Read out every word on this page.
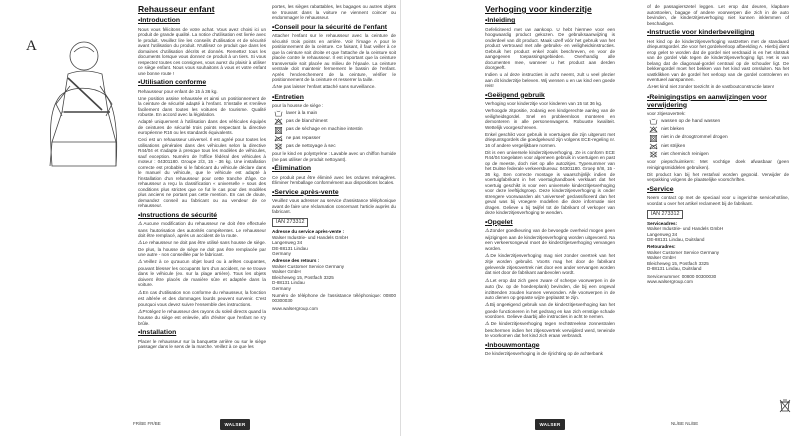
A
Rehausseur enfant
• Introduction

Nous vous félicitons de votre achat. Vous avez choisi ici un produit de grande qualité. La notice d'utilisation est livrée avec le produit. Veuillez lire les conseils d'utilisation et de sécurité avant l'utilisation du produit. N'utilisez ce produit que dans les domaines d'utilisation décrits et donnés. Remettez tous les documents lorsque vous donnez ce produit à un tiers. Si vous respectez toutes ces consignes, vous aurez du plaisir à utiliser ce siège enfant. Nous vous souhaitons à vous et votre enfant une bonne route !

• Utilisation conforme

Rehausseur pour enfant de 15 à 36 kg.

Une position assise rehaussée et ainsi un positionnement de la ceinture de sécurité adapté à l'enfant. S'installe et s'enlève facilement dans toutes les voitures de tourisme. Qualité robuste. En accord avec la législation.

Adapté uniquement à l'utilisation dans des véhicules équipés de ceintures de sécurité trois points respectant la directive européenne R16 ou les standards équivalents.

Ceci est un rehausseur universel. Il est agréé pour toutes les utilisations générales dans des véhicules selon la directive R44/04 et s'adapte à presque tous les modèles de véhicules, sauf exception. Numéro de l'office fédéral des véhicules à moteur : 04301180. Groupe 2/3, 15 - 36 kg. Une installation correcte est probable si le fabricant du véhicule déclare dans le manuel du véhicule, que le véhicule est adapté à l'installation d'un rehausseur pour cette tranche d'âge. Ce rehausseur a reçu la classification « universelle » sous des conditions plus strictes que ce fut le cas pour des modèles plus anciens ne portant pas cette mention. En cas de doute, demandez conseil au fabricant ou au vendeur de ce rehausseur.

• Instructions de sécurité

⚠ Aucune modification du rehausseur ne doit être effectuée sans l'autorisation des autorités compétentes. Le rehausseur doit être remplacé, après un accident de la route.

⚠ Le rehausseur ne doit pas être utilisé sans housse de siège. De plus, la housse de siège ne doit pas être remplacée par une autre - non conseillée par le fabricant.

⚠ Veillez à ce qu'aucun objet lourd ou à arêtes coupantes, pouvant blesser les occupants lors d'un accident, ne se trouve dans le véhicule (ex. sur la plage arrière). Tous les objets doivent être placés de manière sûre et adaptée dans la voiture.

⚠ En cas d'utilisation non conforme du rehausseur, la fonction est altérée et des dommages lourds peuvent survenir. C'est pourquoi vous devez suivre l'ensemble des instructions.

⚠ Protégez le rehausseur des rayons du soleil directs quand la housse du siège est enlevée, afin d'éviter que l'enfant ne s'y brûle.

• Installation

Placer le rehausseur sur la banquette arrière ou sur le siège passager dans le sens de la marche. Veillez à ce que les

portes, les sièges rabattables, les bagages ou autres objets se trouvant dans la voiture ne viennent coincer ou endommager le rehausseur.

• Conseil pour la sécurité de l'enfant

Attacher l'enfant sur le rehausseur avec la ceinture de sécurité trois points en arrière. Voir l'image A pour le positionnement de la ceinture. Ce faisant, il faut veiller à ce que la ceinture soit droite et que l'attache de la ceinture soit placée contre le rehausseur. Il est important que la ceinture transversale soit placée au milieu de l'épaule. La ceinture ventrale doit maintenir fermement le bassin de l'enfant. Après l'enclenchement de la ceinture, vérifier le positionnement de la ceinture et resserrer la taille.

⚠ Ne pas laisser l'enfant attaché sans surveillance.

• Entretien

pour la housse de siège :

laver à la main
pas de blanchiment
pas de séchage en machine intestin
ne pas repasser
pas de nettoyage à sec

pour le kind en polystyrène : Lavable avec un chiffon humide (ne pas utiliser de produit nettoyant).

• Élimination

Ce produit peut être éliminé avec les ordures ménagères. Éliminer l'emballage conformément aux dispositions locales.

• Service après-vente

Veuillez vous adresser au service d'assistance téléphonique avant de faire une réclamation concernant l'article auprès du fabricant.

IAN 273312

Adresse du service après-vente :

Walser Industrie- und Handels GmbH

Langenweg 34

DE-88131 Lindau

Germany

Adresse des retours :

Walser Customer Service Germany

Walser GmbH

Bleicheweg 15, Postfach 3325

D-88131 Lindau

Germany

Numéro de téléphone de l'assistance téléphonique: 00800 00300030

www.walsergroup.com

FR/BE FR/BE	WALSER
Verhoging voor kinderzitje
• Inleiding

Gefeliciteerd met uw aankoop. U hebt hiermee voor een hoogwaardig product gekozen. De gebruiksaanwijzing is onderdeel van dit product. Maak uzelf vóór het gebruik van het product vertrouwd met alle gebruiks- en veiligheidsinstructies. Gebruik het product enkel zoals beschreven, en voor de aangegeven toepassingsgebieden. Overhandig alle documenten mee, wanneer u het product aan derden doorgeeft.

Indien u al deze instructies in acht neemt, zult u veel plezier aan dit kinderzitje beleven. Wij wensen u en uw kind een goede reis!

• Geëigend gebruik

Verhoging voor kinderzitje voor kinderen van 15 tot 36 kg.

Verhoogde zitpositie, zodanig een kindgerechte aanleg van de veiligheidsgordel. Snel en probleemloos monteren en demonteren in alle personenwagens. Robuuste kwaliteit. Wettelijk voorgeschreven.

Enkel geschikt voor gebruik in voertuigen die zijn uitgerust met driepuntsgordels die goedgekeurd zijn volgens ECE-regeling nr. 16 of andere vergelijkbare normen.

Dit is een universele kinderzitjesverhoging. Ze is conform ECE R44/04 toegelaten voor algemeen gebruik in voertuigen en past op de meeste, doch niet op alle autozitjes. Typenummer van het Duitse federale verkeersbureau: 04301180. Groep II/III, 15 - 36 kg. Een correcte montage is waarschijnlijk indien de voertuigfabrikant in het voertuighandboek verklaart dat het voertuig geschikt is voor een universele kinderzitjesverhoging voor deze leeftijdsgroep. Deze kinderzitjesverhoging is onder strengere voorwaarden als 'universeel' geclassificeerd dan het geval was bij vroegere modellen die deze informatie niet dragen. Gelieve u bij twijfel tot de fabrikant of verkoper van deze kinderzitjesverhoging te wenden.

• Opgelet

⚠ Zonder goedkeuring van de bevoegde overheid mogen geen wijzigingen aan de kinderzitjesverhoging worden uitgevoerd. Na een verkeersongeval moet de kinderzitjesverhoging vervangen worden.

⚠ De kinderzitjesverhoging mag niet zonder overtrek van het zitje worden gebruikt. Voorts mag het door de fabrikant geleverde zitjesovertrek niet door een ander vervangen worden dat niet door de fabrikant aanbevolen wordt.

⚠ Let erop dat zich geen zware of scherpe voorwerpen in de auto (bv. op de hoedenplank) bevinden, die bij een ongeval inzittenden zouden kunnen verwonden. Alle voorwerpen in de auto dienen op gepaste wijze geplaatst te zijn.

⚠ Bij ongeëigend gebruik van de kinderzitjesverhoging kan het goede functioneren in het gedrang en kan zich ernstige schade voordoen. Gelieve daarbij alle instructies in acht te nemen.

⚠ De kinderzitjesverhoging tegen rechtstreekse zonnestralen beschermen indien het zitjesovertrek verwijderd werd, teneinde te voorkomen dat het kind zich eraan verbrandt.

• Inbouwmontage

De kinderzitjesverhoging in de rijrichting op de achterbank

of de passagierszetel leggen. Let erop dat deuren, klapbare autostoelen, bagage of andere voorwerpen die zich in de auto bevinden, de kinderzitjesverhoging niet kunnen inklemmen of beschadigen.

• Instructie voor kinderbeveiliging

Het kind op de kinderzitjesverhoging vastzetten met de standaard driepuntsgordel. Zie voor het gordelverloop afbeelding A. Hierbij dient erop gelet te worden dat de gordel niet verdraaid is en het slotstuk van de gordel vlak tegen de kinderzitjesverhoging ligt. Het is van belang dat de diagonaal-gordel centraal op de schouder ligt. De bekkengordel moet het bekken van het kind vast omsluiten. Na het vastklikken van de gordel het verloop van de gordel controleren en eventueel aanspannen.

⚠ Het kind niet zonder toezicht in de vastboutconstructie laten!

• Reinigingstips en aanwijzingen voor verwijdering

voor zitjesovertrek:

wassen op de hand wassen
niet bleken
niet in de droogtrommel drogen
niet strijken
niet chemisch reinigen

voor piepschuimkern: Met vochtige doek afwasbaar (geen reinigingsmiddelen gebruiken).

Dit product kan bij het restafval worden gegooid. Verwijder de verpakking volgens de plaatselijke voorschriften.

• Service

Neem contact op met de speciaal voor u ingerichte servicehotline, voordat u over het artikel reclameert bij de fabrikant.

IAN 273312

Serviceadres:

Walser Industrie- und Handels GmbH

Langenweg 34

DE-88131 Lindau, Duitsland

Retouradres:

Walser Customer Service Germany

Walser GmbH

Bleicheweg 15, Postfach 3325

D-88131 Lindau, Duitsland

Servicenummer: 00800 00300030

www.walsergroup.com

WALSER	NL/BE NL/BE
